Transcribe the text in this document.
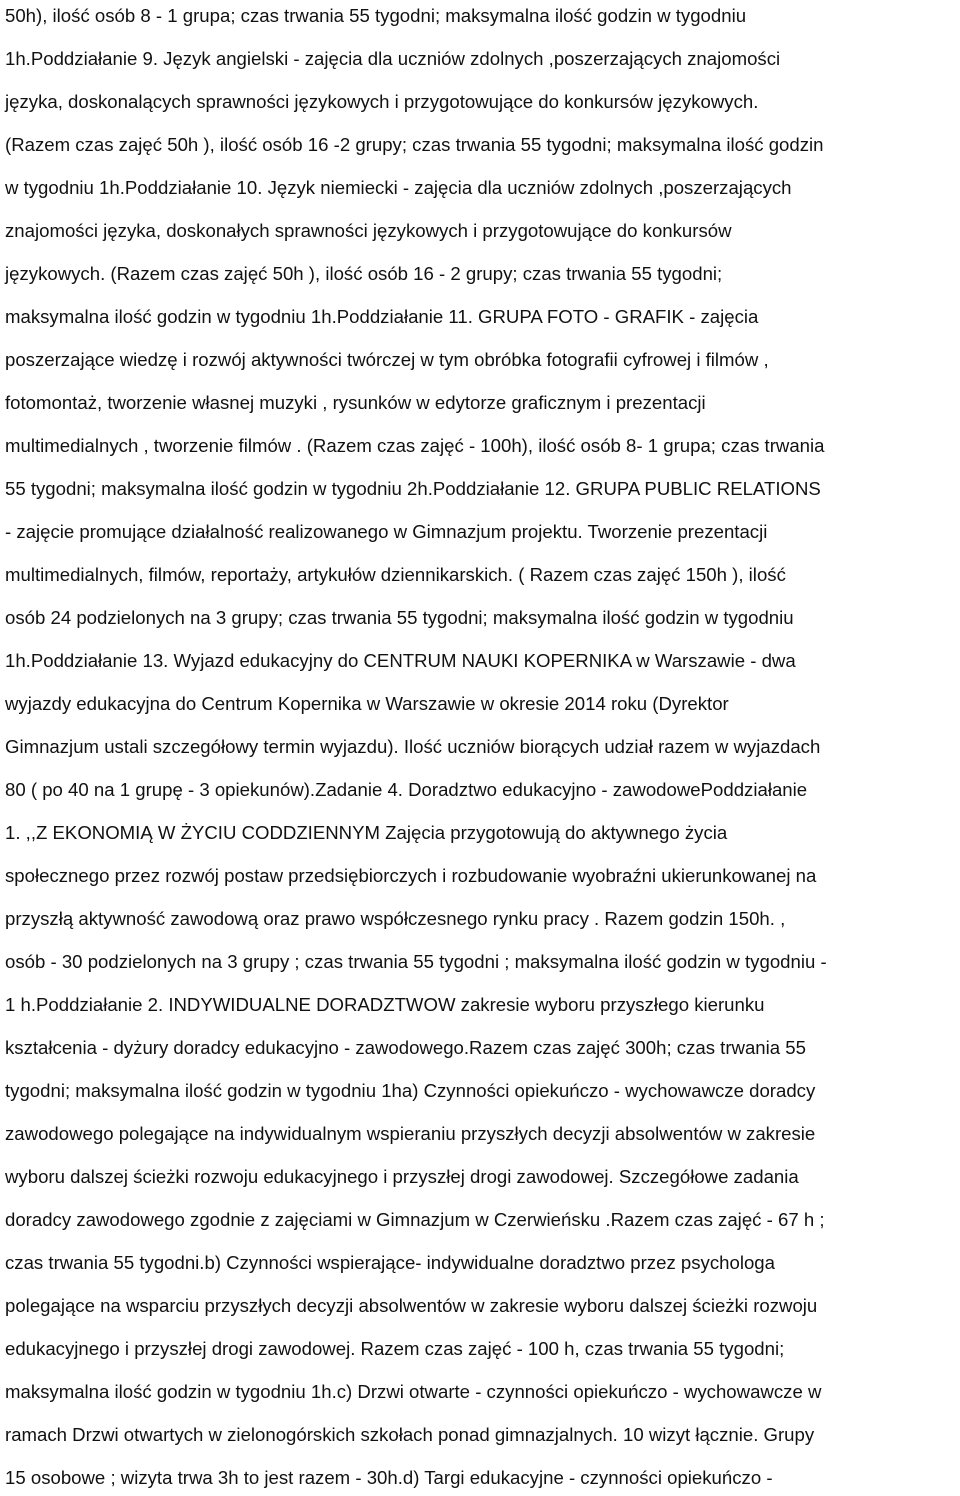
50h), ilość osób 8 - 1 grupa; czas trwania 55 tygodni; maksymalna ilość godzin w tygodniu
1h.Poddziałanie 9. Język angielski - zajęcia dla uczniów zdolnych ,poszerzających znajomości
języka, doskonalących sprawności językowych i przygotowujące do konkursów językowych.
(Razem czas zajęć 50h ), ilość osób 16 -2 grupy; czas trwania 55 tygodni; maksymalna ilość godzin
w tygodniu 1h.Poddziałanie 10. Język niemiecki - zajęcia dla uczniów zdolnych ,poszerzających
znajomości języka, doskonałych sprawności językowych i przygotowujące do konkursów
językowych. (Razem czas zajęć 50h ), ilość osób 16 - 2 grupy; czas trwania 55 tygodni;
maksymalna ilość godzin w tygodniu 1h.Poddziałanie 11. GRUPA FOTO - GRAFIK - zajęcia
poszerzające wiedzę i rozwój aktywności twórczej w tym obróbka fotografii cyfrowej i filmów ,
fotomontaż, tworzenie własnej muzyki , rysunków w edytorze graficznym i prezentacji
multimedialnych , tworzenie filmów . (Razem czas zajęć - 100h), ilość osób 8- 1 grupa; czas trwania
55 tygodni; maksymalna ilość godzin w tygodniu 2h.Poddziałanie 12. GRUPA PUBLIC RELATIONS
- zajęcie promujące działalność realizowanego w Gimnazjum projektu. Tworzenie prezentacji
multimedialnych, filmów, reportaży, artykułów dziennikarskich. ( Razem czas zajęć 150h ), ilość
osób 24 podzielonych na 3 grupy; czas trwania 55 tygodni; maksymalna ilość godzin w tygodniu
1h.Poddziałanie 13. Wyjazd edukacyjny do CENTRUM NAUKI KOPERNIKA w Warszawie - dwa
wyjazdy edukacyjna do Centrum Kopernika w Warszawie w okresie 2014 roku (Dyrektor
Gimnazjum ustali szczegółowy termin wyjazdu). Ilość uczniów biorących udział razem w wyjazdach
80 ( po 40 na 1 grupę - 3 opiekunów).Zadanie 4. Doradztwo edukacyjno - zawodowePoddziałanie
1. ,,Z EKONOMIĄ W ŻYCIU CODDZIENNYM Zajęcia przygotowują do aktywnego życia
społecznego przez rozwój postaw przedsiębiorczych i rozbudowanie wyobraźni ukierunkowanej na
przyszłą aktywność zawodową oraz prawo współczesnego rynku pracy . Razem godzin 150h. ,
osób - 30 podzielonych na 3 grupy ; czas trwania 55 tygodni ; maksymalna ilość godzin w tygodniu -
1 h.Poddziałanie 2. INDYWIDUALNE DORADZTWOW zakresie wyboru przyszłego kierunku
kształcenia - dyżury doradcy edukacyjno - zawodowego.Razem czas zajęć 300h; czas trwania 55
tygodni; maksymalna ilość godzin w tygodniu 1ha) Czynności opiekuńczo - wychowawcze doradcy
zawodowego polegające na indywidualnym wspieraniu przyszłych decyzji absolwentów w zakresie
wyboru dalszej ścieżki rozwoju edukacyjnego i przyszłej drogi zawodowej. Szczegółowe zadania
doradcy zawodowego zgodnie z zajęciami w Gimnazjum w Czerwieńsku .Razem czas zajęć - 67 h ;
czas trwania 55 tygodni.b) Czynności wspierające- indywidualne doradztwo przez psychologa
polegające na wsparciu przyszłych decyzji absolwentów w zakresie wyboru dalszej ścieżki rozwoju
edukacyjnego i przyszłej drogi zawodowej. Razem czas zajęć - 100 h, czas trwania 55 tygodni;
maksymalna ilość godzin w tygodniu 1h.c) Drzwi otwarte - czynności opiekuńczo - wychowawcze w
ramach Drzwi otwartych w zielonogórskich szkołach ponad gimnazjalnych. 10 wizyt łącznie. Grupy
15 osobowe ; wizyta trwa 3h to jest razem - 30h.d) Targi edukacyjne - czynności opiekuńczo -
